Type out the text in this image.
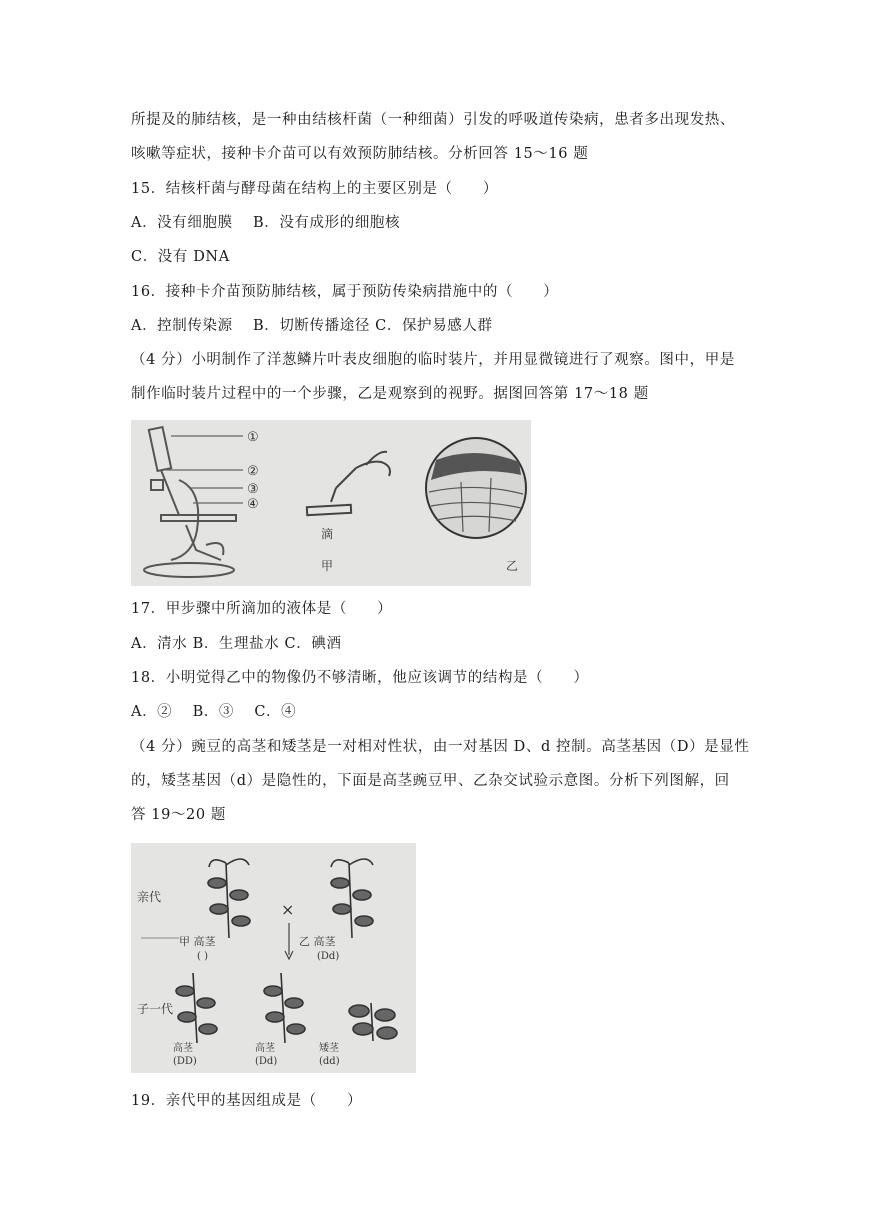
所提及的肺结核，是一种由结核杆菌（一种细菌）引发的呼吸道传染病，患者多出现发热、
咳嗽等症状，接种卡介苗可以有效预防肺结核。分析回答 15～16 题
15．结核杆菌与酵母菌在结构上的主要区别是（　　）
A．没有细胞膜　 B．没有成形的细胞核
C．没有 DNA
16．接种卡介苗预防肺结核，属于预防传染病措施中的（　　）
A．控制传染源　 B．切断传播途径 C．保护易感人群
（4 分）小明制作了洋葱鳞片叶表皮细胞的临时装片，并用显微镜进行了观察。图中，甲是
制作临时装片过程中的一个步骤，乙是观察到的视野。据图回答第 17～18 题
①
②
③
④
滴
甲	乙
17．甲步骤中所滴加的液体是（　　）
A．清水 B．生理盐水 C．碘酒
18．小明觉得乙中的物像仍不够清晰，他应该调节的结构是（　　）
A．②　 B．③　 C．④
（4 分）豌豆的高茎和矮茎是一对相对性状，由一对基因 D、d 控制。高茎基因（D）是显性
的，矮茎基因（d）是隐性的，下面是高茎豌豆甲、乙杂交试验示意图。分析下列图解，回
答 19～20 题
亲代
子一代
×
甲 高茎
( )
乙 高茎
(Dd)
高茎
(DD)
高茎
(Dd)
矮茎
(dd)
19．亲代甲的基因组成是（　　）
